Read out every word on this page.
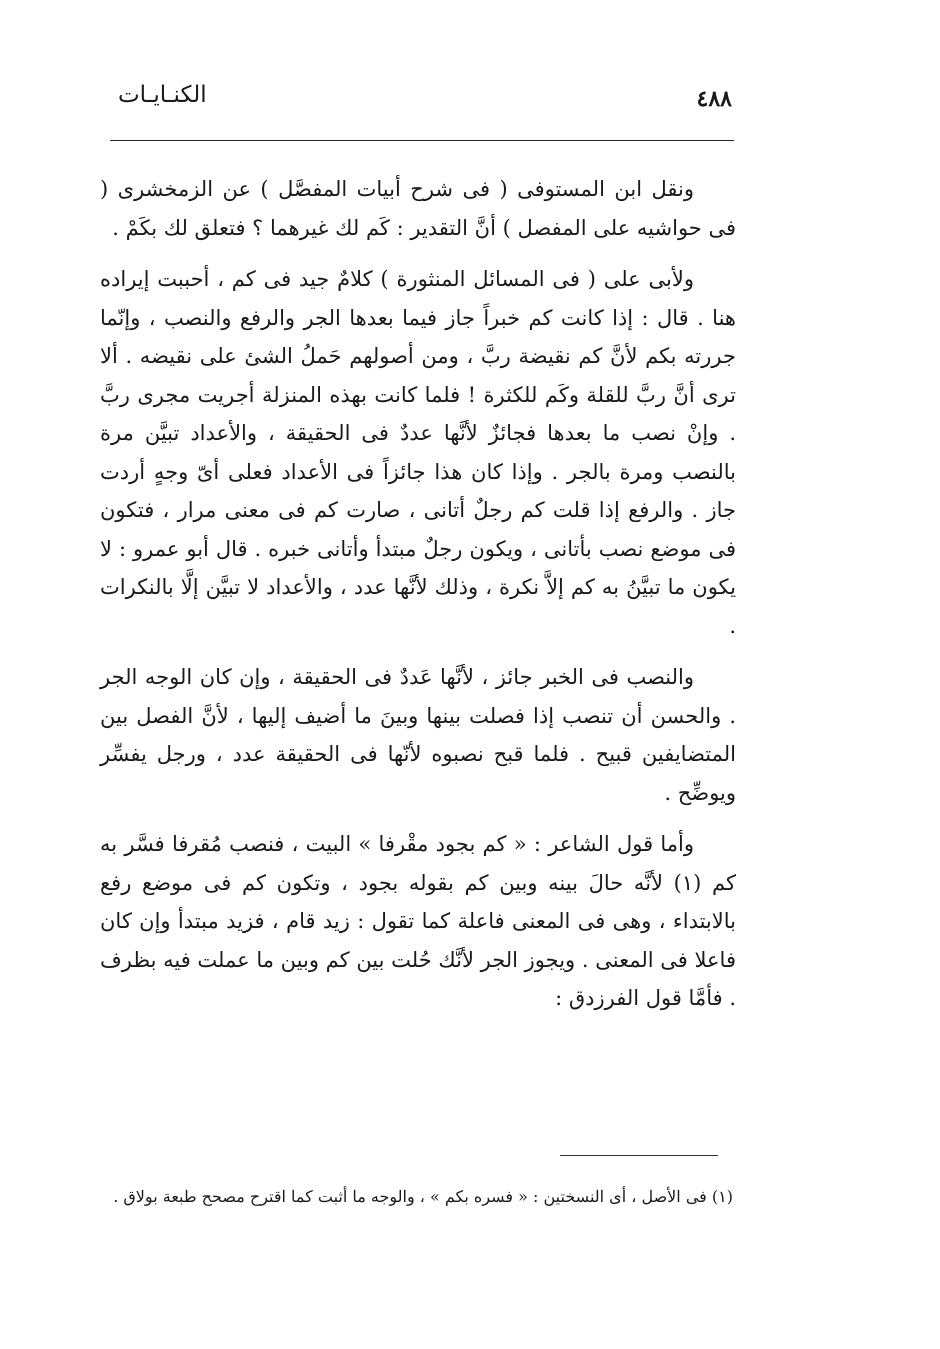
٤٨٨
الكنـايـات

ونقل ابن المستوفى ( فى شرح أبيات المفصَّل ) عن الزمخشرى ( فى حواشيه على المفصل ) أنَّ التقدير : كَم لك غيرهما ؟ فتعلق لك بكَمْ .

ولأبى على ( فى المسائل المنثورة ) كلامٌ جيد فى كم ، أحببت إيراده هنا . قال : إذا كانت كم خبراً جاز فيما بعدها الجر والرفع والنصب ، وإنّما جررته بكم لأنَّ كم نقيضة ربَّ ، ومن أصولهم حَملُ الشئ على نقيضه . ألا ترى أنَّ ربَّ للقلة وكَم للكثرة ! فلما كانت بهذه المنزلة أجريت مجرى ربَّ . وإنْ نصب ما بعدها فجائزٌ لأنَّها عددٌ فى الحقيقة ، والأعداد تبيَّن مرة بالنصب ومرة بالجر . وإذا كان هذا جائزاً فى الأعداد فعلى أىّ وجهٍ أردت جاز . والرفع إذا قلت كم رجلٌ أتانى ، صارت كم فى معنى مرار ، فتكون فى موضع نصب بأتانى ، ويكون رجلٌ مبتدأ وأتانى خبره . قال أبو عمرو : لا يكون ما تبيَّنُ به كم إلاَّ نكرة ، وذلك لأنَّها عدد ، والأعداد لا تبيَّن إلَّا بالنكرات .

والنصب فى الخبر جائز ، لأنَّها عَددٌ فى الحقيقة ، وإن كان الوجه الجر . والحسن أن تنصب إذا فصلت بينها وبينَ ما أضيف إليها ، لأنَّ الفصل بين المتضايفين قبيح . فلما قبح نصبوه لأنّها فى الحقيقة عدد ، ورجل يفسِّر ويوضِّح .

وأما قول الشاعر : « كم بجود مقْرفا » البيت ، فنصب مُقرفا فسَّر به كم (١) لأنَّه حالَ بينه وبين كم بقوله بجود ، وتكون كم فى موضع رفع بالابتداء ، وهى فى المعنى فاعلة كما تقول : زيد قام ، فزيد مبتدأ وإن كان فاعلا فى المعنى . ويجوز الجر لأنَّك حُلت بين كم وبين ما عملت فيه بظرف . فأمَّا قول الفرزدق :

(١) فى الأصل ، أى النسختين : « فسره بكم » ، والوجه ما أثبت كما اقترح مصحح طبعة بولاق .
